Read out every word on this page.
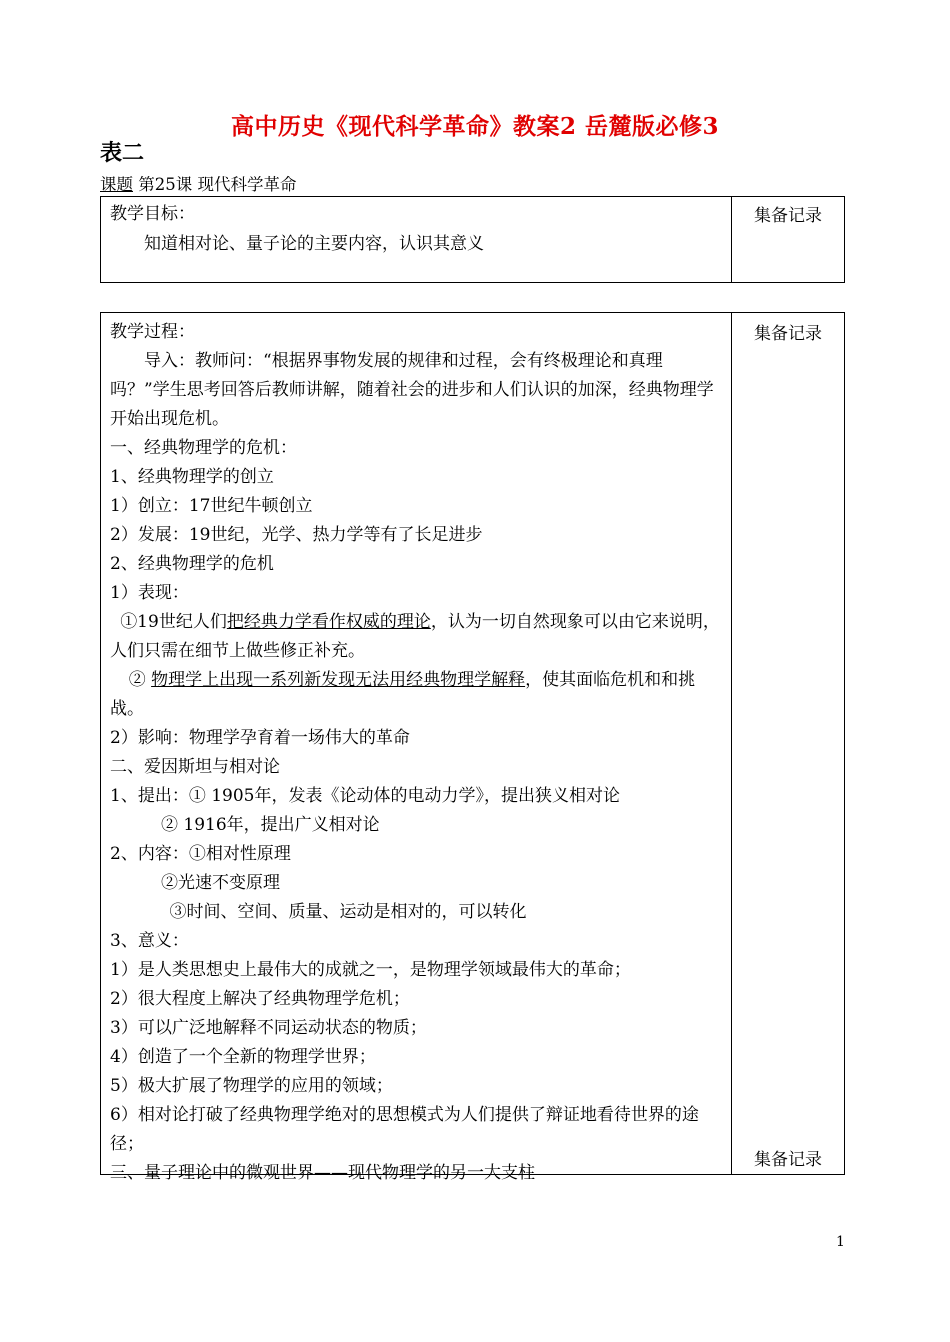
高中历史《现代科学革命》教案2 岳麓版必修3
表二
课题 第25课 现代科学革命

教学目标：

知道相对论、量子论的主要内容，认识其意义

集备记录

教学过程：

导入：教师问：“根据界事物发展的规律和过程，会有终极理论和真理吗？”学生思考回答后教师讲解，随着社会的进步和人们认识的加深，经典物理学开始出现危机。

一、经典物理学的危机：

1、经典物理学的创立

1）创立：17世纪牛顿创立

2）发展：19世纪，光学、热力学等有了长足进步

2、经典物理学的危机

1）表现：

①19世纪人们把经典力学看作权威的理论，认为一切自然现象可以由它来说明，人们只需在细节上做些修正补充。

② 物理学上出现一系列新发现无法用经典物理学解释，使其面临危机和和挑战。

2）影响：物理学孕育着一场伟大的革命

二、爱因斯坦与相对论

1、提出：① 1905年，发表《论动体的电动力学》，提出狭义相对论

② 1916年，提出广义相对论

2、内容：①相对性原理

②光速不变原理

③时间、空间、质量、运动是相对的，可以转化

3、意义：

1）是人类思想史上最伟大的成就之一，是物理学领域最伟大的革命；

2）很大程度上解决了经典物理学危机；

3）可以广泛地解释不同运动状态的物质；

4）创造了一个全新的物理学世界；

5）极大扩展了物理学的应用的领域；

6）相对论打破了经典物理学绝对的思想模式为人们提供了辩证地看待世界的途径；

三、量子理论中的微观世界——现代物理学的另一大支柱

集备记录
集备记录
1
